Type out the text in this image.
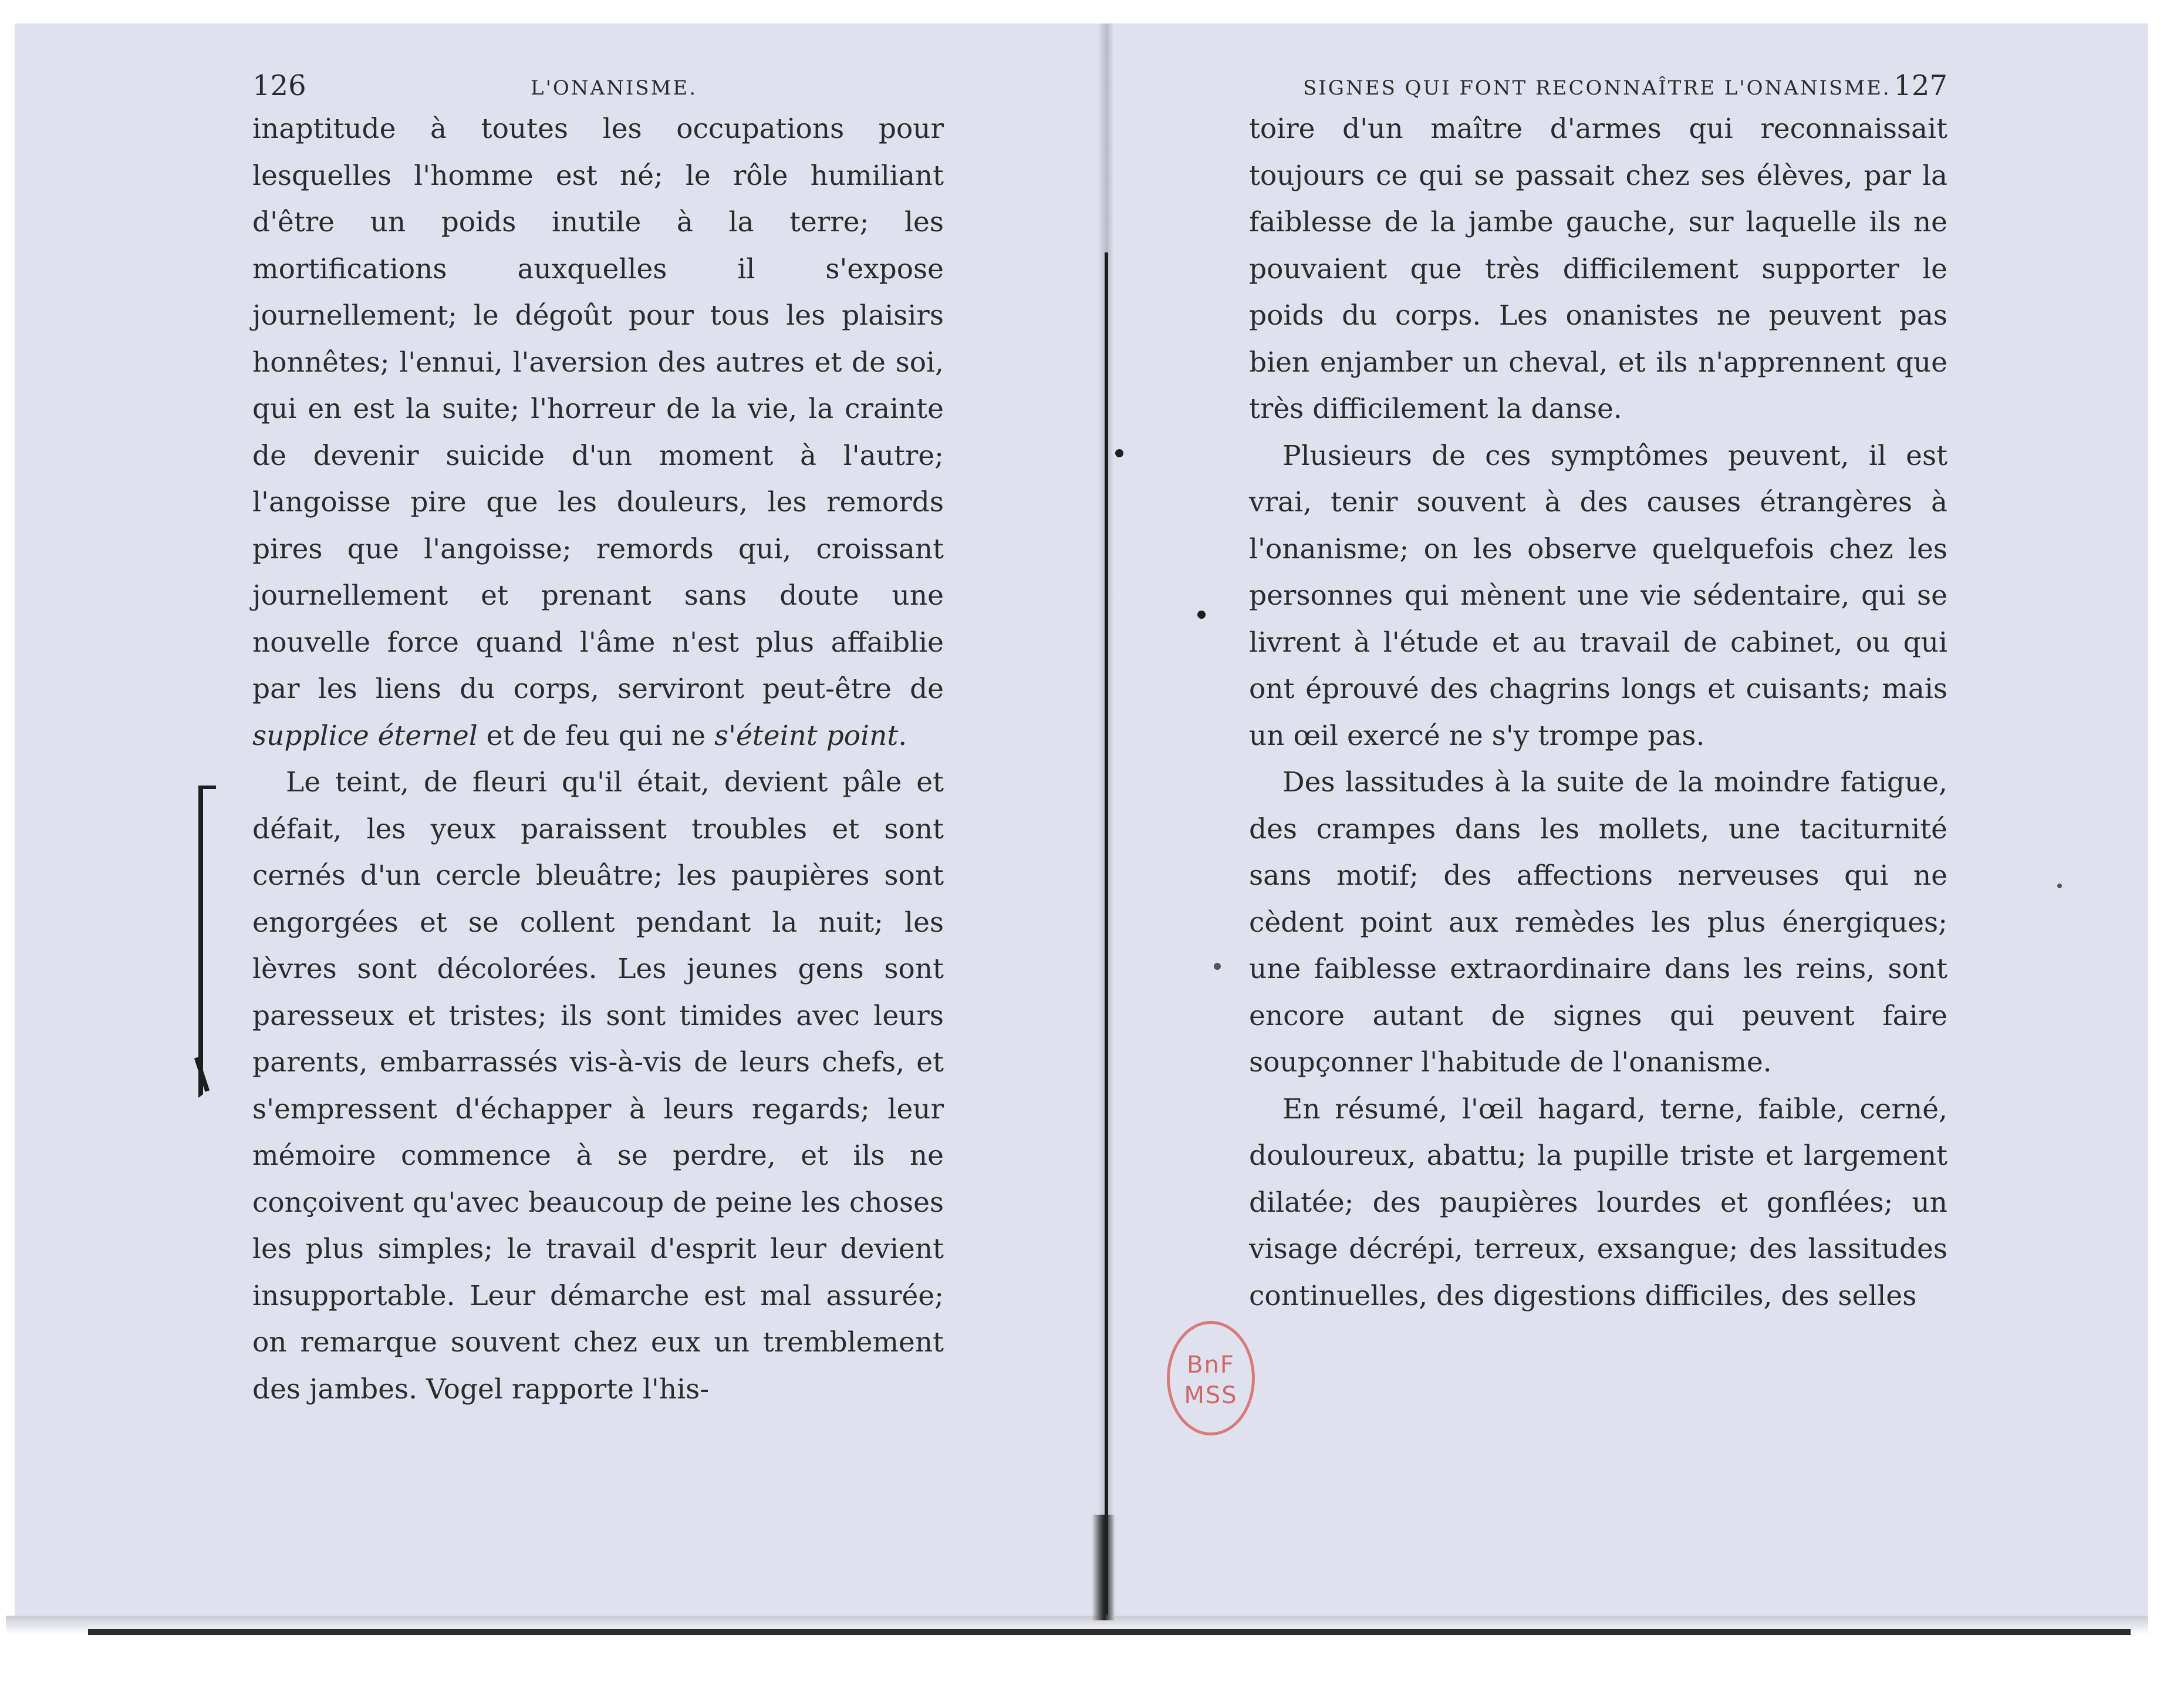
126	L'ONANISME.

inaptitude à toutes les occupations pour lesquelles l'homme est né; le rôle humiliant d'être un poids inutile à la terre; les mortifications auxquelles il s'expose journellement; le dégoût pour tous les plaisirs honnêtes; l'ennui, l'aversion des autres et de soi, qui en est la suite; l'horreur de la vie, la crainte de devenir suicide d'un moment à l'autre; l'angoisse pire que les douleurs, les remords pires que l'angoisse; remords qui, croissant journellement et prenant sans doute une nouvelle force quand l'âme n'est plus affaiblie par les liens du corps, serviront peut-être de supplice éternel et de feu qui ne s'éteint point.

Le teint, de fleuri qu'il était, devient pâle et défait, les yeux paraissent troubles et sont cernés d'un cercle bleuâtre; les paupières sont engorgées et se collent pendant la nuit; les lèvres sont décolorées. Les jeunes gens sont paresseux et tristes; ils sont timides avec leurs parents, embarrassés vis-à-vis de leurs chefs, et s'empressent d'échapper à leurs regards; leur mémoire commence à se perdre, et ils ne conçoivent qu'avec beaucoup de peine les choses les plus simples; le travail d'esprit leur devient insupportable. Leur démarche est mal assurée; on remarque souvent chez eux un tremblement des jambes. Vogel rapporte l'his-

SIGNES QUI FONT RECONNAÎTRE L'ONANISME. 127

toire d'un maître d'armes qui reconnaissait toujours ce qui se passait chez ses élèves, par la faiblesse de la jambe gauche, sur laquelle ils ne pouvaient que très difficilement supporter le poids du corps. Les onanistes ne peuvent pas bien enjamber un cheval, et ils n'apprennent que très difficilement la danse.

Plusieurs de ces symptômes peuvent, il est vrai, tenir souvent à des causes étrangères à l'onanisme; on les observe quelquefois chez les personnes qui mènent une vie sédentaire, qui se livrent à l'étude et au travail de cabinet, ou qui ont éprouvé des chagrins longs et cuisants; mais un œil exercé ne s'y trompe pas.

Des lassitudes à la suite de la moindre fatigue, des crampes dans les mollets, une taciturnité sans motif; des affections nerveuses qui ne cèdent point aux remèdes les plus énergiques; une faiblesse extraordinaire dans les reins, sont encore autant de signes qui peuvent faire soupçonner l'habitude de l'onanisme.

En résumé, l'œil hagard, terne, faible, cerné, douloureux, abattu; la pupille triste et largement dilatée; des paupières lourdes et gonflées; un visage décrépi, terreux, exsangue; des lassitudes continuelles, des digestions difficiles, des selles

BnF
MSS
